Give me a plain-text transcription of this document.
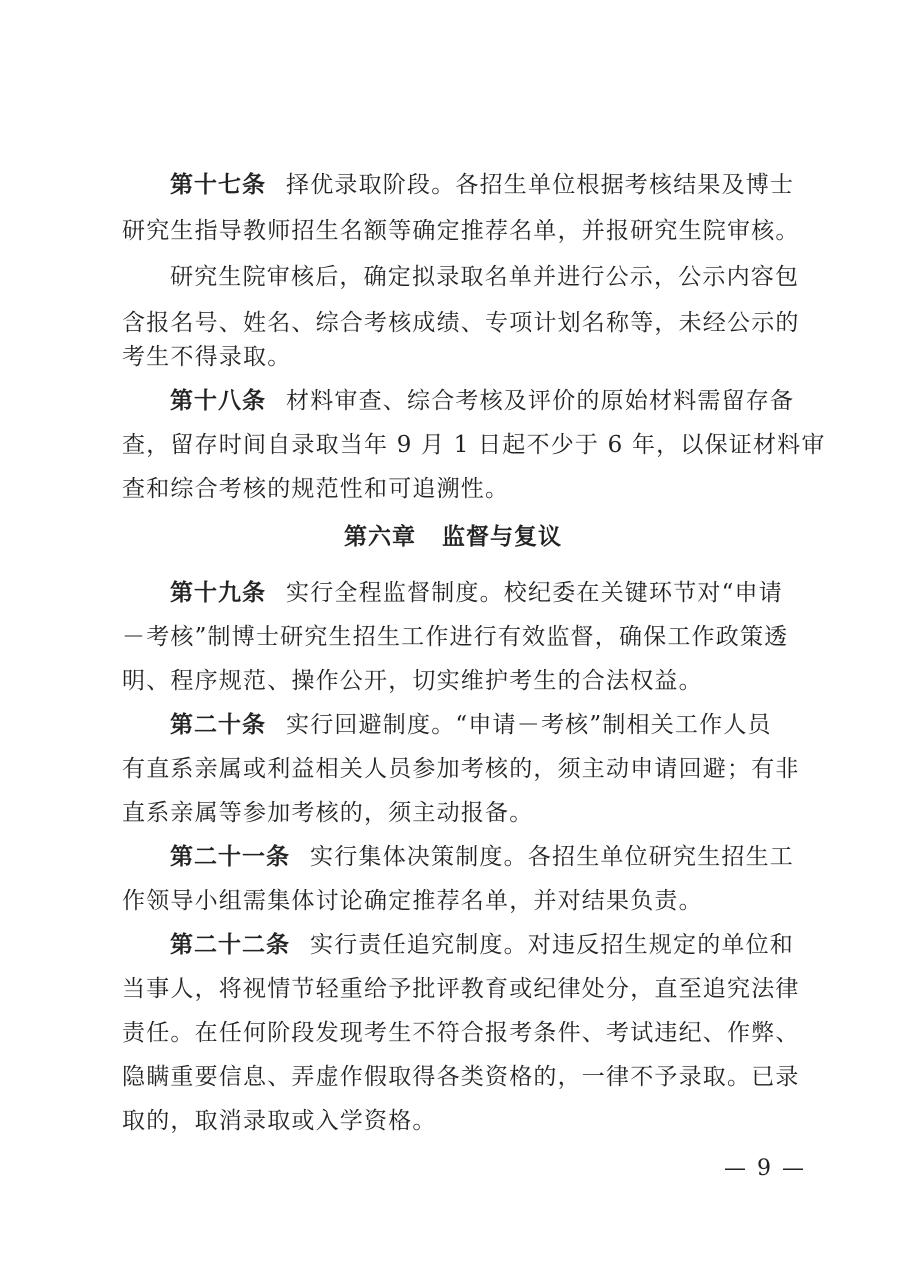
第十七条 择优录取阶段。各招生单位根据考核结果及博士
研究生指导教师招生名额等确定推荐名单，并报研究生院审核。
研究生院审核后，确定拟录取名单并进行公示，公示内容包
含报名号、姓名、综合考核成绩、专项计划名称等，未经公示的
考生不得录取。
第十八条 材料审查、综合考核及评价的原始材料需留存备
查，留存时间自录取当年 9 月 1 日起不少于 6 年，以保证材料审
查和综合考核的规范性和可追溯性。
第六章 监督与复议
第十九条 实行全程监督制度。校纪委在关键环节对“申请
－考核”制博士研究生招生工作进行有效监督，确保工作政策透
明、程序规范、操作公开，切实维护考生的合法权益。
第二十条 实行回避制度。“申请－考核”制相关工作人员
有直系亲属或利益相关人员参加考核的，须主动申请回避；有非
直系亲属等参加考核的，须主动报备。
第二十一条 实行集体决策制度。各招生单位研究生招生工
作领导小组需集体讨论确定推荐名单，并对结果负责。
第二十二条 实行责任追究制度。对违反招生规定的单位和
当事人，将视情节轻重给予批评教育或纪律处分，直至追究法律
责任。在任何阶段发现考生不符合报考条件、考试违纪、作弊、
隐瞒重要信息、弄虚作假取得各类资格的，一律不予录取。已录
取的，取消录取或入学资格。
— 9 —
